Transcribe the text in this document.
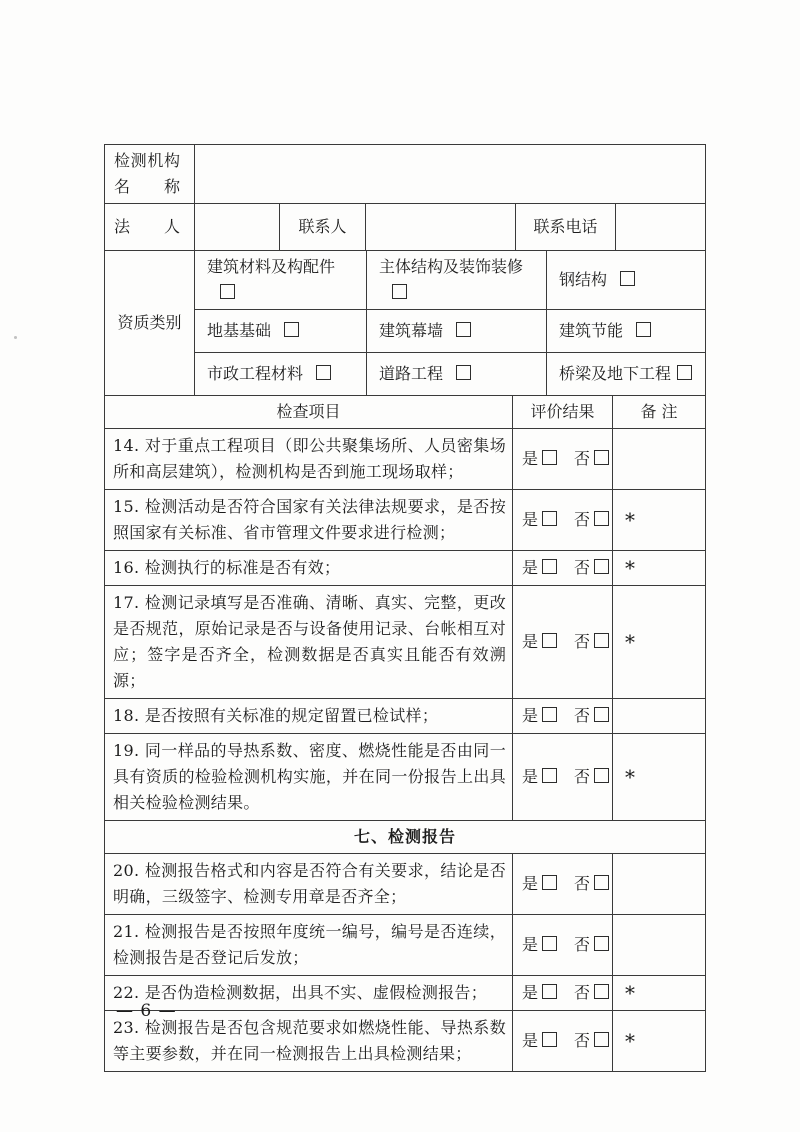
检测机构 名 称					
法 人		联系人		联系电话	
资质类别	建筑材料及构配件	主体结构及装饰装修	钢结构
	地基基础	建筑幕墙	建筑节能
	市政工程材料	道路工程	桥梁及地下工程
检查项目	评价结果	备 注
14. 对于重点工程项目（即公共聚集场所、人员密集场所和高层建筑），检测机构是否到施工现场取样；	是 否	
15. 检测活动是否符合国家有关法律法规要求，是否按照国家有关标准、省市管理文件要求进行检测；	是 否	*
16. 检测执行的标准是否有效；	是 否	*
17. 检测记录填写是否准确、清晰、真实、完整，更改是否规范，原始记录是否与设备使用记录、台帐相互对应；签字是否齐全，检测数据是否真实且能否有效溯源；	是 否	*
18. 是否按照有关标准的规定留置已检试样；	是 否	
19. 同一样品的导热系数、密度、燃烧性能是否由同一具有资质的检验检测机构实施，并在同一份报告上出具相关检验检测结果。	是 否	*
七、检测报告		
20. 检测报告格式和内容是否符合有关要求，结论是否明确，三级签字、检测专用章是否齐全；	是 否	
21. 检测报告是否按照年度统一编号，编号是否连续，检测报告是否登记后发放；	是 否	
22. 是否伪造检测数据，出具不实、虚假检测报告；	是 否	*
23. 检测报告是否包含规范要求如燃烧性能、导热系数等主要参数，并在同一检测报告上出具检测结果；	是 否	*
— 6 —
